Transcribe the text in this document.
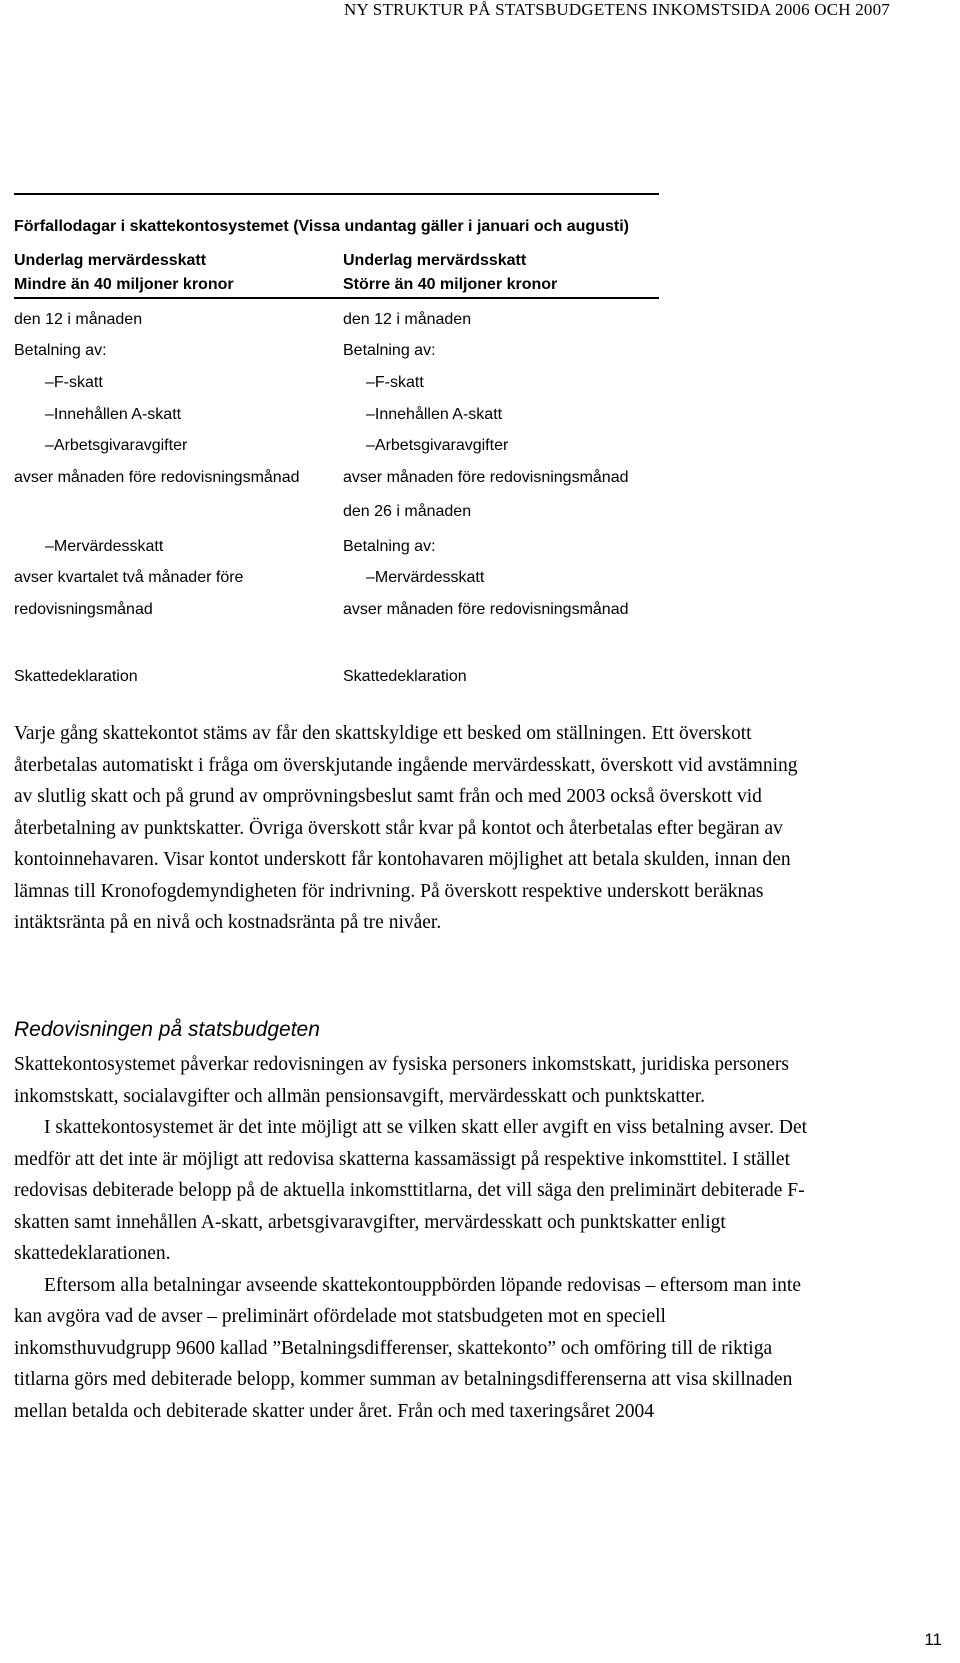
NY STRUKTUR PÅ STATSBUDGETENS INKOMSTSIDA 2006 OCH 2007
Förfallodagar i skattekontosystemet (Vissa undantag gäller i januari och augusti)
Underlag mervärdesskatt
Mindre än 40 miljoner kronor
Underlag mervärdsskatt
Större än 40 miljoner kronor
den 12 i månaden
Betalning av:
–F-skatt
–Innehållen A-skatt
–Arbetsgivaravgifter
avser månaden före redovisningsmånad
–Mervärdesskatt
avser kvartalet två månader före
redovisningsmånad
Skattedeklaration
den 12 i månaden
Betalning av:
–F-skatt
–Innehållen A-skatt
–Arbetsgivaravgifter
avser månaden före redovisningsmånad
den 26 i månaden
Betalning av:
–Mervärdesskatt
avser månaden före redovisningsmånad
Skattedeklaration

Varje gång skattekontot stäms av får den skattskyldige ett besked om ställningen. Ett överskott återbetalas automatiskt i fråga om överskjutande ingående mervärdesskatt, överskott vid avstämning av slutlig skatt och på grund av omprövningsbeslut samt från och med 2003 också överskott vid återbetalning av punktskatter. Övriga överskott står kvar på kontot och återbetalas efter begäran av kontoinnehavaren. Visar kontot underskott får kontohavaren möjlighet att betala skulden, innan den lämnas till Kronofogdemyndigheten för indrivning. På överskott respektive underskott beräknas intäktsränta på en nivå och kostnadsränta på tre nivåer.

Redovisningen på statsbudgeten

Skattekontosystemet påverkar redovisningen av fysiska personers inkomstskatt, juridiska personers inkomstskatt, socialavgifter och allmän pensionsavgift, mervärdesskatt och punktskatter.

I skattekontosystemet är det inte möjligt att se vilken skatt eller avgift en viss betalning avser. Det medför att det inte är möjligt att redovisa skatterna kassamässigt på respektive inkomsttitel. I stället redovisas debiterade belopp på de aktuella inkomsttitlarna, det vill säga den preliminärt debiterade F-skatten samt innehållen A-skatt, arbetsgivaravgifter, mervärdesskatt och punktskatter enligt skattedeklarationen.

Eftersom alla betalningar avseende skattekontouppbörden löpande redovisas – eftersom man inte kan avgöra vad de avser – preliminärt ofördelade mot statsbudgeten mot en speciell inkomsthuvudgrupp 9600 kallad ”Betalningsdifferenser, skattekonto” och omföring till de riktiga titlarna görs med debiterade belopp, kommer summan av betalningsdifferenserna att visa skillnaden mellan betalda och debiterade skatter under året. Från och med taxeringsåret 2004

11
